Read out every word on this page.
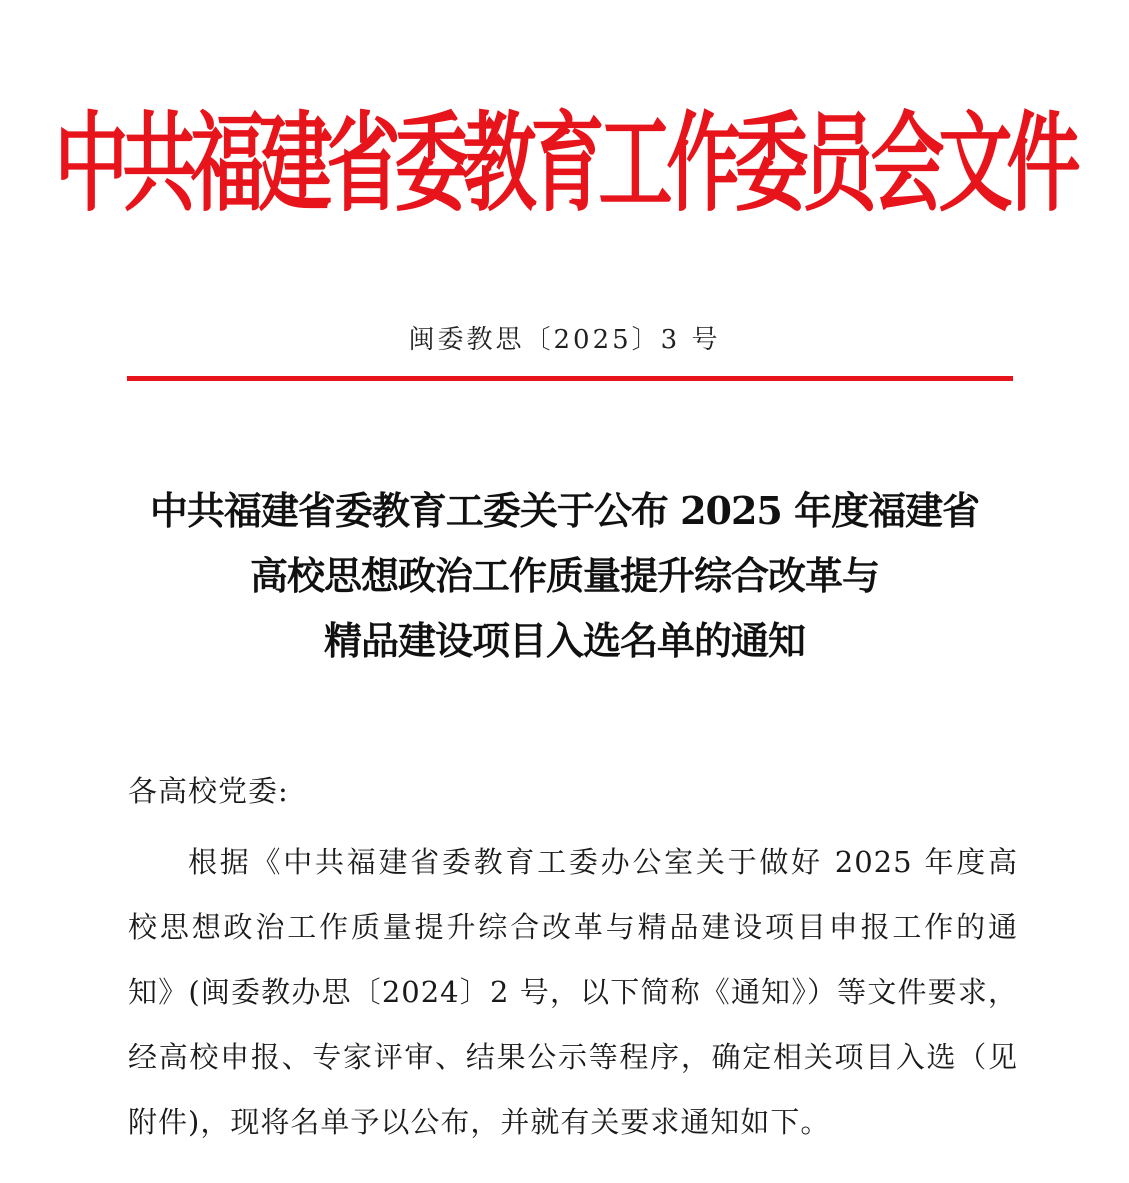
中共福建省委教育工作委员会文件
闽委教思〔2025〕3 号
中共福建省委教育工委关于公布 2025 年度福建省
高校思想政治工作质量提升综合改革与
精品建设项目入选名单的通知
各高校党委:
根据《中共福建省委教育工委办公室关于做好 2025 年度高
校思想政治工作质量提升综合改革与精品建设项目申报工作的通
知》(闽委教办思〔2024〕2 号，以下简称《通知》）等文件要求，
经高校申报、专家评审、结果公示等程序，确定相关项目入选（见
附件)，现将名单予以公布，并就有关要求通知如下。
